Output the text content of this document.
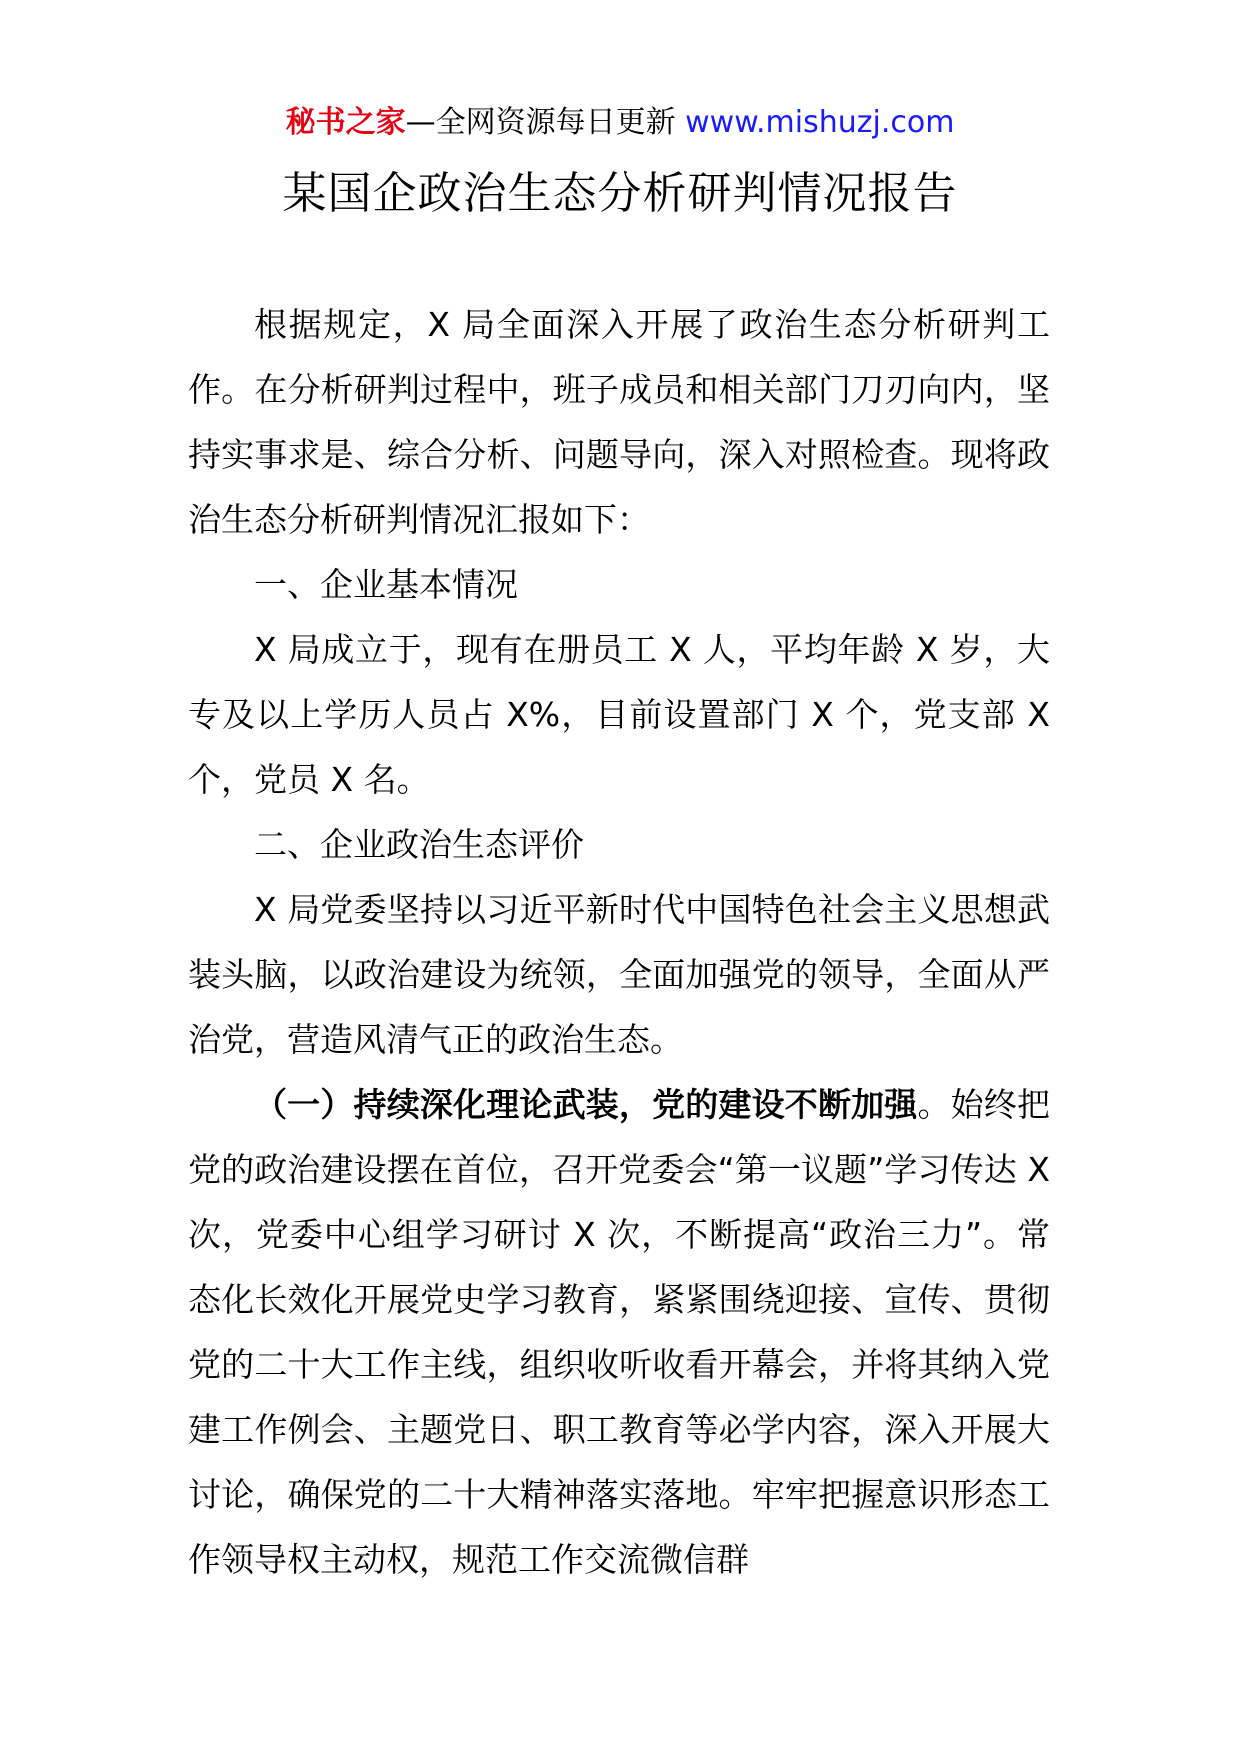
秘书之家—全网资源每日更新 www.mishuzj.com
某国企政治生态分析研判情况报告

根据规定，X 局全面深入开展了政治生态分析研判工作。在分析研判过程中，班子成员和相关部门刀刃向内，坚持实事求是、综合分析、问题导向，深入对照检查。现将政治生态分析研判情况汇报如下：

一、企业基本情况

X 局成立于，现有在册员工 X 人，平均年龄 X 岁，大专及以上学历人员占 X%，目前设置部门 X 个，党支部 X 个，党员 X 名。

二、企业政治生态评价

X 局党委坚持以习近平新时代中国特色社会主义思想武装头脑，以政治建设为统领，全面加强党的领导，全面从严治党，营造风清气正的政治生态。

（一）持续深化理论武装，党的建设不断加强。始终把党的政治建设摆在首位，召开党委会“第一议题”学习传达 X 次，党委中心组学习研讨 X 次，不断提高“政治三力”。常态化长效化开展党史学习教育，紧紧围绕迎接、宣传、贯彻党的二十大工作主线，组织收听收看开幕会，并将其纳入党建工作例会、主题党日、职工教育等必学内容，深入开展大讨论，确保党的二十大精神落实落地。牢牢把握意识形态工作领导权主动权，规范工作交流微信群
